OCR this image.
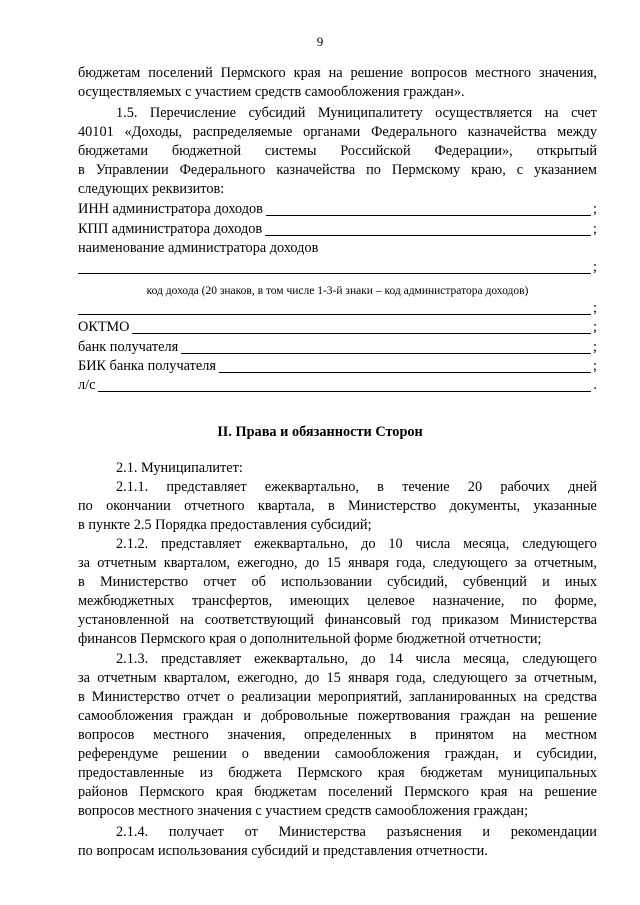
9
бюджетам поселений Пермского края на решение вопросов местного значения,
осуществляемых с участием средств самообложения граждан».
1.5. Перечисление субсидий Муниципалитету осуществляется на счет
40101 «Доходы, распределяемые органами Федерального казначейства между
бюджетами бюджетной системы Российской Федерации», открытый
в Управлении Федерального казначейства по Пермскому краю, с указанием
следующих реквизитов:
ИНН администратора доходов	;
КПП администратора доходов	;
наименование администратора доходов
;
код дохода (20 знаков, в том числе 1-3-й знаки – код администратора доходов)
;
ОКТМО	;
банк получателя	;
БИК банка получателя	;
л/с	.
II. Права и обязанности Сторон
2.1. Муниципалитет:
2.1.1. представляет ежеквартально, в течение 20 рабочих дней
по окончании отчетного квартала, в Министерство документы, указанные
в пункте 2.5 Порядка предоставления субсидий;
2.1.2. представляет ежеквартально, до 10 числа месяца, следующего
за отчетным кварталом, ежегодно, до 15 января года, следующего за отчетным,
в Министерство отчет об использовании субсидий, субвенций и иных
межбюджетных трансфертов, имеющих целевое назначение, по форме,
установленной на соответствующий финансовый год приказом Министерства
финансов Пермского края о дополнительной форме бюджетной отчетности;
2.1.3. представляет ежеквартально, до 14 числа месяца, следующего
за отчетным кварталом, ежегодно, до 15 января года, следующего за отчетным,
в Министерство отчет о реализации мероприятий, запланированных на средства
самообложения граждан и добровольные пожертвования граждан на решение
вопросов местного значения, определенных в принятом на местном
референдуме решении о введении самообложения граждан, и субсидии,
предоставленные из бюджета Пермского края бюджетам муниципальных
районов Пермского края бюджетам поселений Пермского края на решение
вопросов местного значения с участием средств самообложения граждан;
2.1.4. получает от Министерства разъяснения и рекомендации
по вопросам использования субсидий и представления отчетности.
